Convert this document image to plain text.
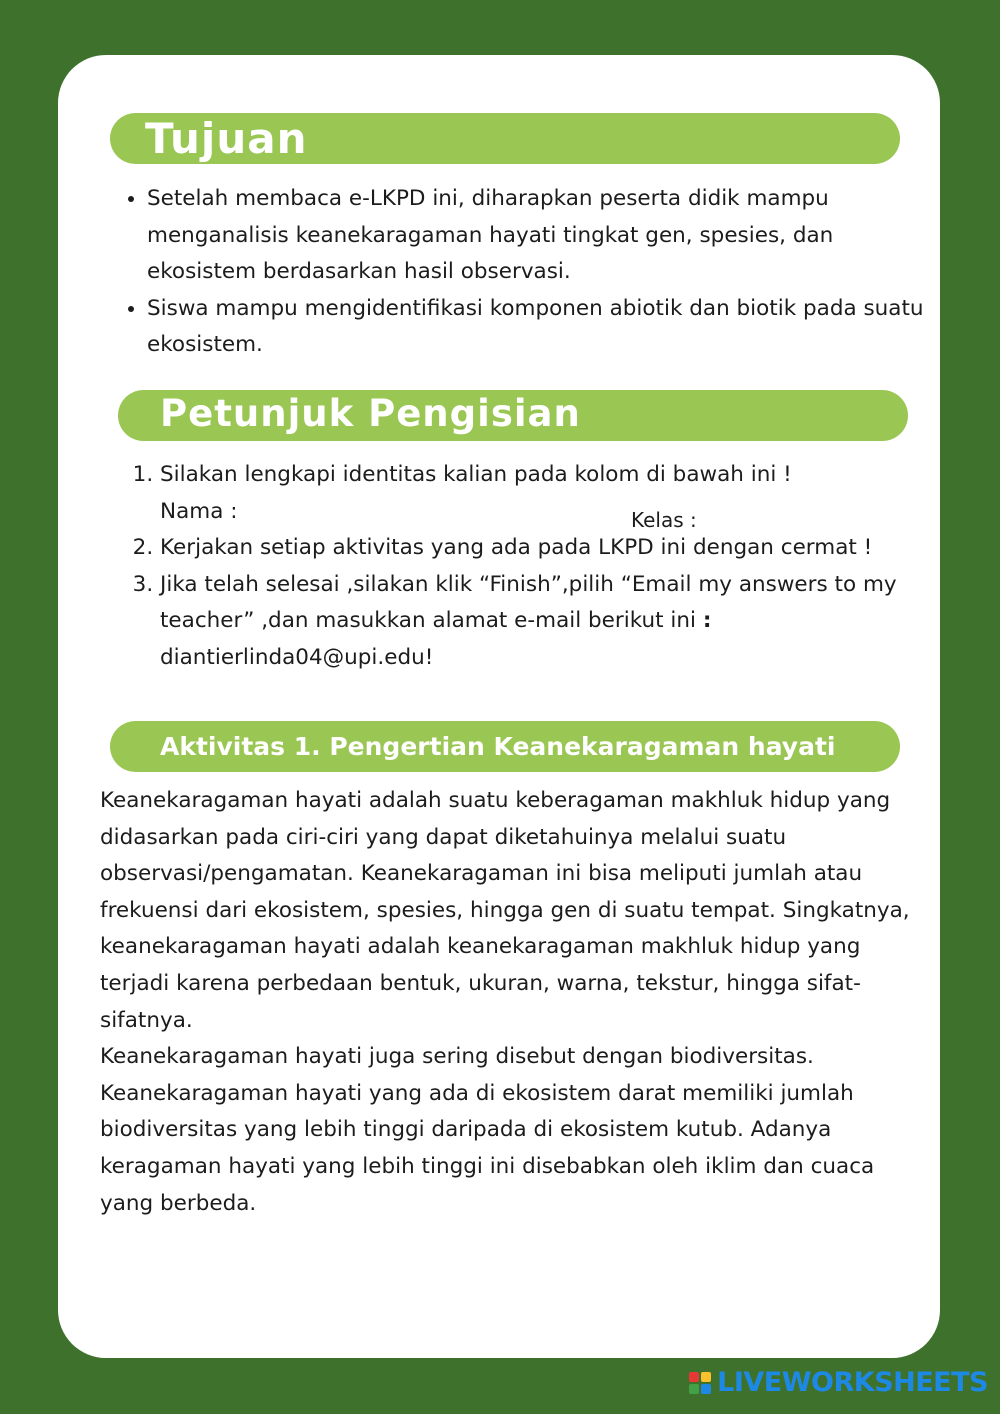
Tujuan
• Setelah membaca e-LKPD ini, diharapkan peserta didik mampu menganalisis keanekaragaman hayati tingkat gen, spesies, dan ekosistem berdasarkan hasil observasi.
• Siswa mampu mengidentifikasi komponen abiotik dan biotik pada suatu ekosistem.
Petunjuk Pengisian
1. Silakan lengkapi identitas kalian pada kolom di bawah ini !
Nama :
2. Kerjakan setiap aktivitas yang ada pada LKPD ini dengan cermat !
3. Jika telah selesai ,silakan klik “Finish”,pilih “Email my answers to my teacher” ,dan masukkan alamat e-mail berikut ini :
diantierlinda04@upi.edu!
Kelas :
Aktivitas 1. Pengertian Keanekaragaman hayati

Keanekaragaman hayati adalah suatu keberagaman makhluk hidup yang didasarkan pada ciri-ciri yang dapat diketahuinya melalui suatu observasi/pengamatan. Keanekaragaman ini bisa meliputi jumlah atau frekuensi dari ekosistem, spesies, hingga gen di suatu tempat. Singkatnya, keanekaragaman hayati adalah keanekaragaman makhluk hidup yang terjadi karena perbedaan bentuk, ukuran, warna, tekstur, hingga sifat-sifatnya.

Keanekaragaman hayati juga sering disebut dengan biodiversitas. Keanekaragaman hayati yang ada di ekosistem darat memiliki jumlah biodiversitas yang lebih tinggi daripada di ekosistem kutub. Adanya keragaman hayati yang lebih tinggi ini disebabkan oleh iklim dan cuaca yang berbeda.

LIVEWORKSHEETS
